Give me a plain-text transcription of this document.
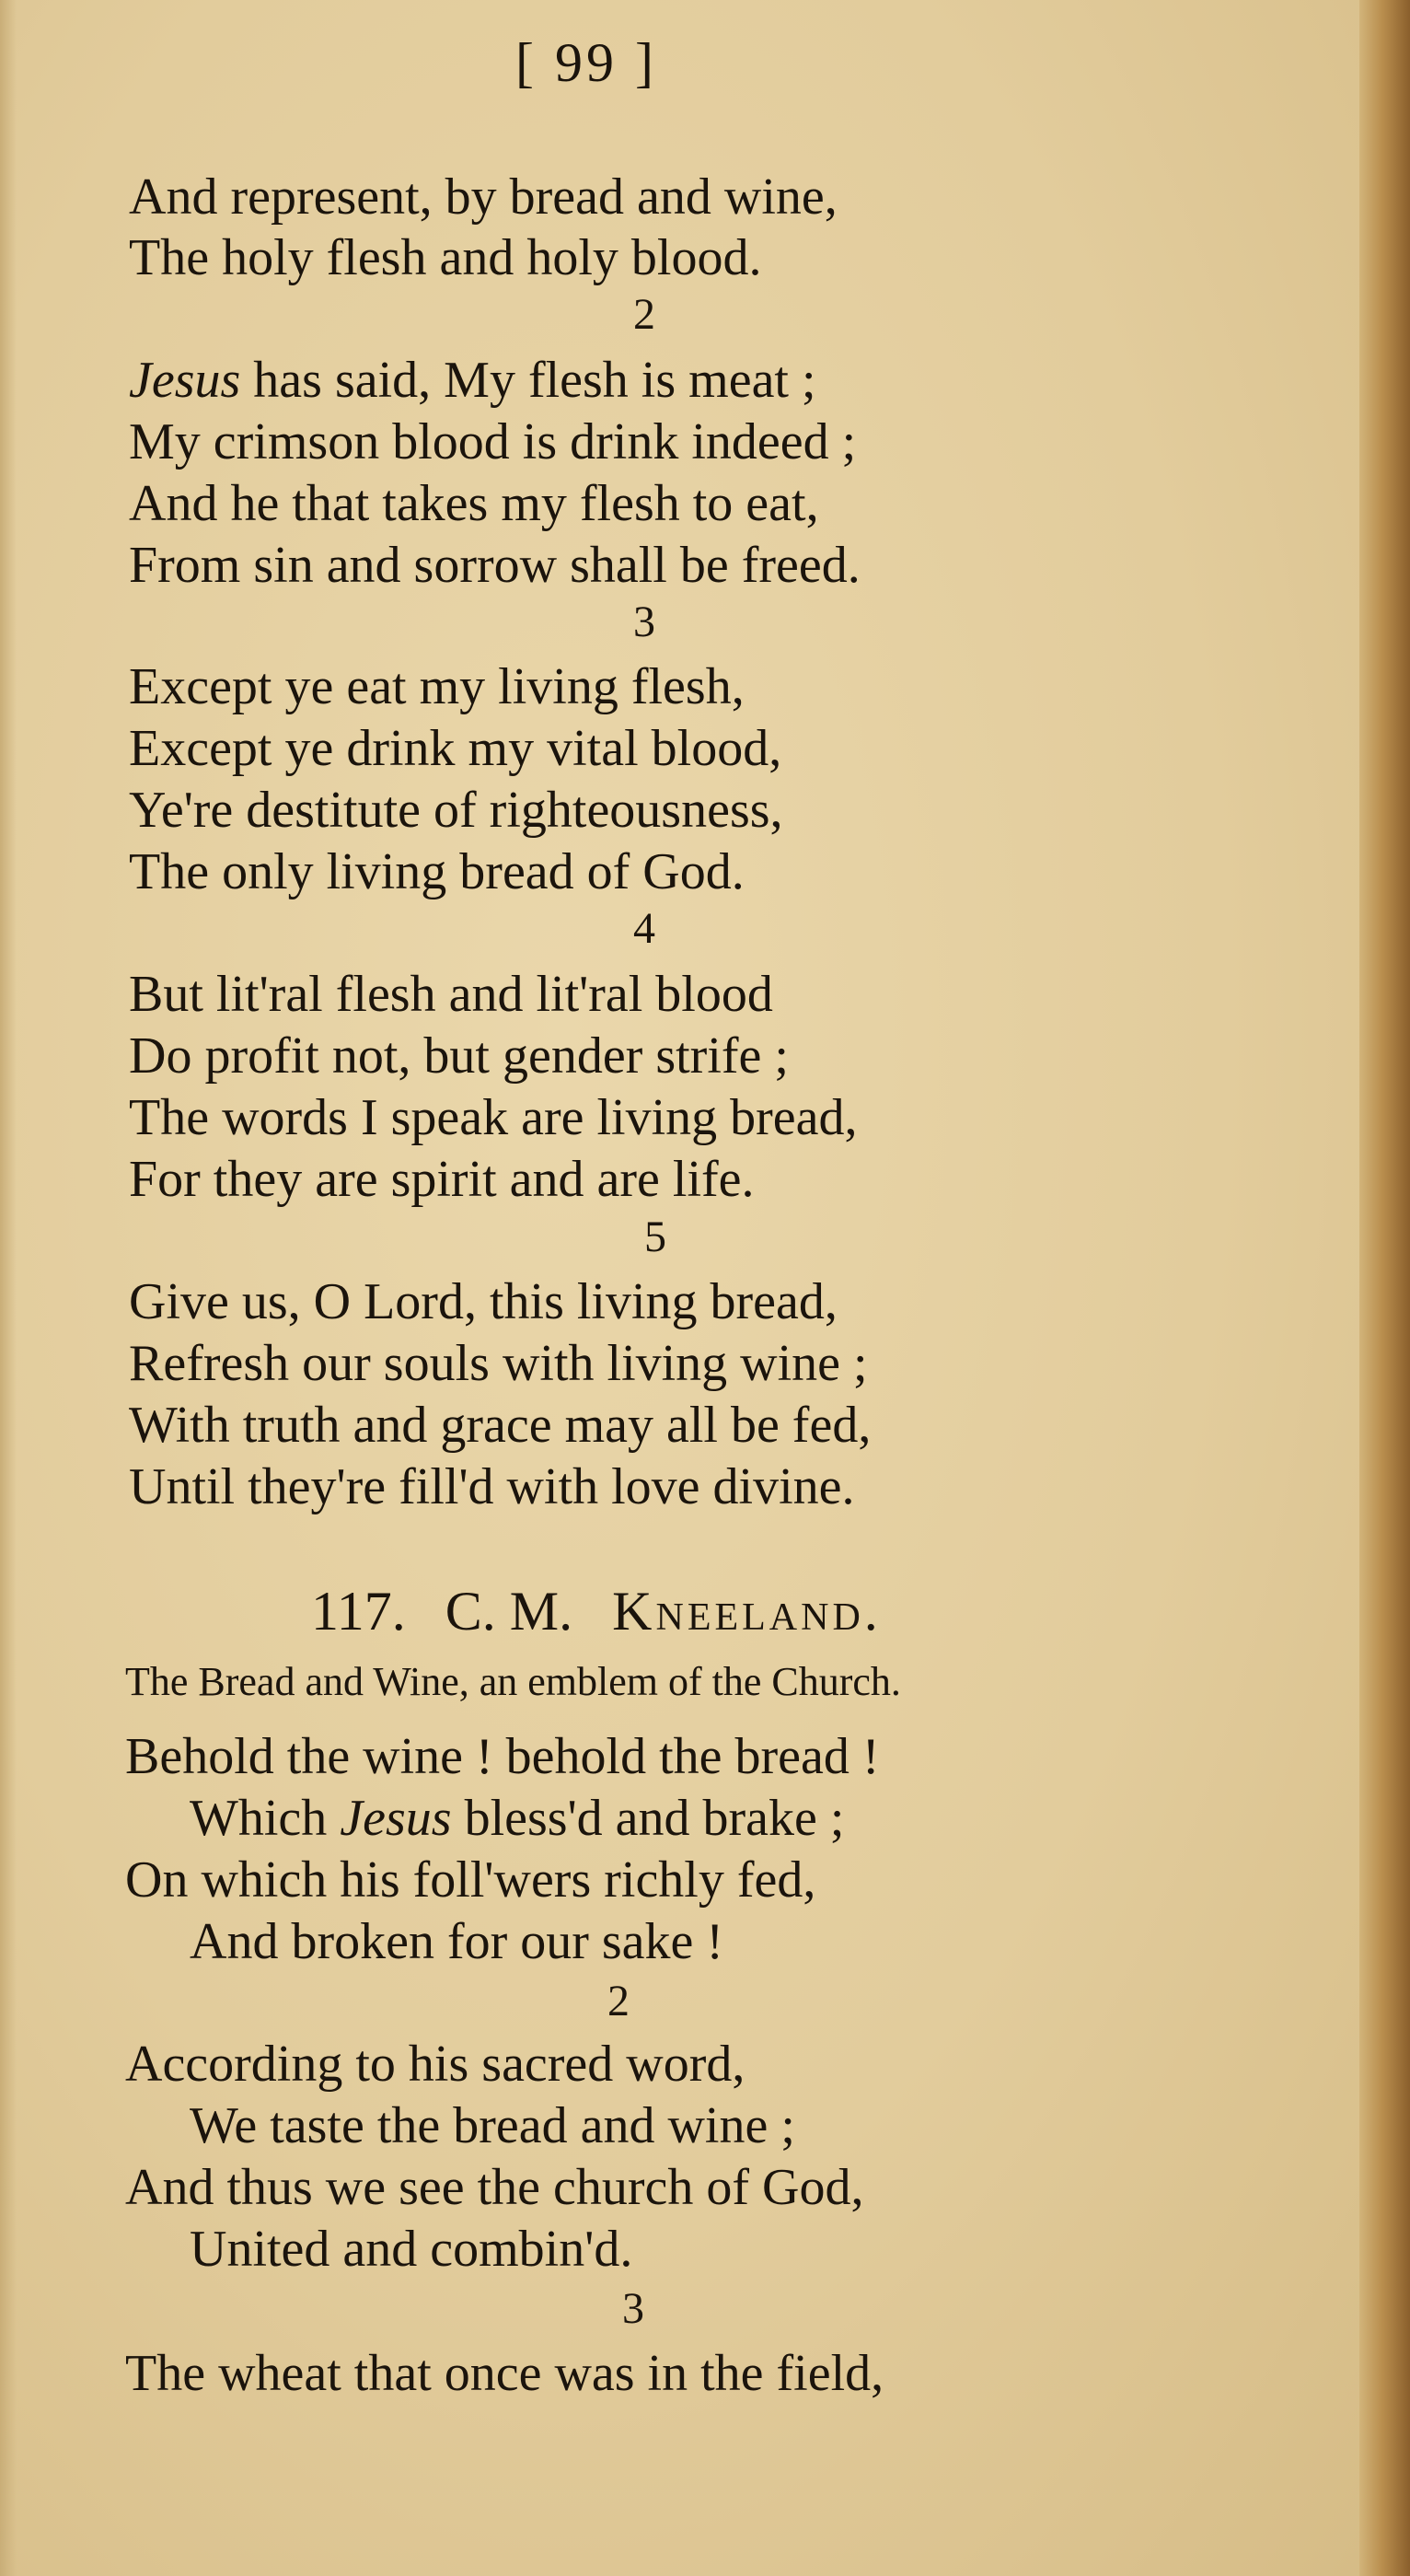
[ 99 ]
And represent, by bread and wine,
The holy flesh and holy blood.
2
Jesus has said, My flesh is meat ;
My crimson blood is drink indeed ;
And he that takes my flesh to eat,
From sin and sorrow shall be freed.
3
Except ye eat my living flesh,
Except ye drink my vital blood,
Ye're destitute of righteousness,
The only living bread of God.
4
But lit'ral flesh and lit'ral blood
Do profit not, but gender strife ;
The words I speak are living bread,
For they are spirit and are life.
5
Give us, O Lord, this living bread,
Refresh our souls with living wine ;
With truth and grace may all be fed,
Until they're fill'd with love divine.
117. C. M. Kneeland.
The Bread and Wine, an emblem of the Church.
Behold the wine ! behold the bread !
Which Jesus bless'd and brake ;
On which his foll'wers richly fed,
And broken for our sake !
2
According to his sacred word,
We taste the bread and wine ;
And thus we see the church of God,
United and combin'd.
3
The wheat that once was in the field,
